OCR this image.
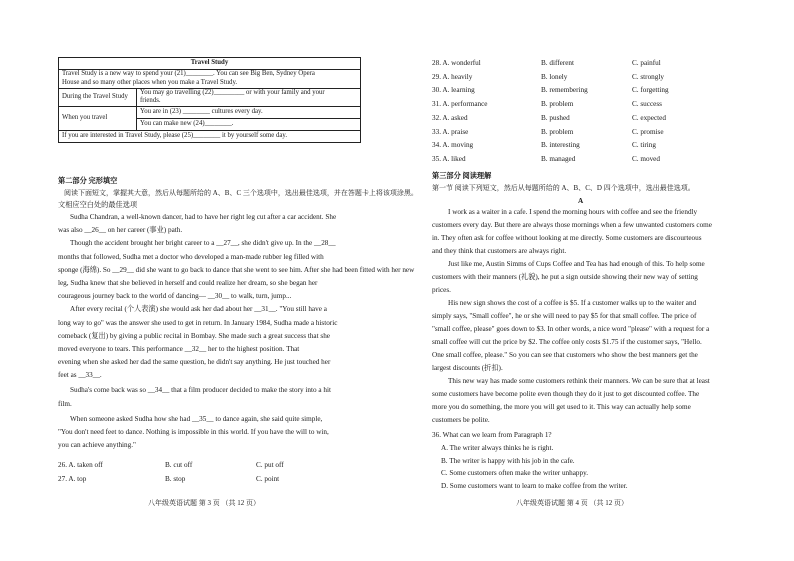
Travel Study	

Travel Study is a new way to spend your (21)________. You can see Big Ben, Sydney Opera
House and so many other places when you make a Travel Study.	

During the Travel Study	You may go travelling (22)_________ or with your family and your
friends.

When you travel	You are in (23) ________ cultures every day.
	You can make new (24)________.
If you are interested in Travel Study, please (25)________ it by yourself some day.	
第二部分 完形填空
阅读下面短文，掌握其大意，然后从每题所给的 A、B、C 三个选项中，选出最佳选项，并在答题卡上将该项涂黑。
文相应空白处的最佳选项

Sudha Chandran, a well-known dancer, had to have her right leg cut after a car accident. She

was also __26__ on her career (事业) path.

Though the accident brought her bright career to a __27__, she didn't give up. In the __28__

months that followed, Sudha met a doctor who developed a man-made rubber leg filled with

sponge (海绵). So __29__ did she want to go back to dance that she went to see him. After she had been fitted with her new

leg, Sudha knew that she believed in herself and could realize her dream, so she began her

courageous journey back to the world of dancing— __30__ to walk, turn, jump...

After every recital (个人表演) she would ask her dad about her __31__. "You still have a

long way to go" was the answer she used to get in return. In January 1984, Sudha made a historic

comeback (复出) by giving a public recital in Bombay. She made such a great success that she

moved everyone to tears. This performance __32__ her to the highest position. That

evening when she asked her dad the same question, he didn't say anything. He just touched her

feet as __33__.

Sudha's come back was so __34__ that a film producer decided to make the story into a hit

film.

When someone asked Sudha how she had __35__ to dance again, she said quite simple,

"You don't need feet to dance. Nothing is impossible in this world. If you have the will to win,

you can achieve anything."

26. A. taken off	B. cut off	C. put off
27. A. top	B. stop	C. point
八年级英语试题 第 3 页 （共 12 页）
28. A. wonderful	B. different	C. painful
29. A. heavily	B. lonely	C. strongly
30. A. learning	B. remembering	C. forgetting
31. A. performance	B. problem	C. success
32. A. asked	B. pushed	C. expected
33. A. praise	B. problem	C. promise
34. A. moving	B. interesting	C. tiring
35. A. liked	B. managed	C. moved
第三部分 阅读理解
第一节 阅读下列短文，然后从每题所给的 A、B、C、D 四个选项中，选出最佳选项。
A

I work as a waiter in a cafe. I spend the morning hours with coffee and see the friendly

customers every day. But there are always those mornings when a few unwanted customers come

in. They often ask for coffee without looking at me directly. Some customers are discourteous

and they think that customers are always right.

Just like me, Austin Simms of Cups Coffee and Tea has had enough of this. To help some

customers with their manners (礼貌), he put a sign outside showing their new way of setting

prices.

His new sign shows the cost of a coffee is $5. If a customer walks up to the waiter and

simply says, "Small coffee", he or she will need to pay $5 for that small coffee. The price of

"small coffee, please" goes down to $3. In other words, a nice word "please" with a request for a

small coffee will cut the price by $2. The coffee only costs $1.75 if the customer says, "Hello.

One small coffee, please." So you can see that customers who show the best manners get the

largest discounts (折扣).

This new way has made some customers rethink their manners. We can be sure that at least

some customers have become polite even though they do it just to get discounted coffee. The

more you do something, the more you will get used to it. This way can actually help some

customers be polite.

36. What can we learn from Paragraph 1?

A. The writer always thinks he is right.

B. The writer is happy with his job in the cafe.

C. Some customers often make the writer unhappy.

D. Some customers want to learn to make coffee from the writer.

八年级英语试题 第 4 页 （共 12 页）
